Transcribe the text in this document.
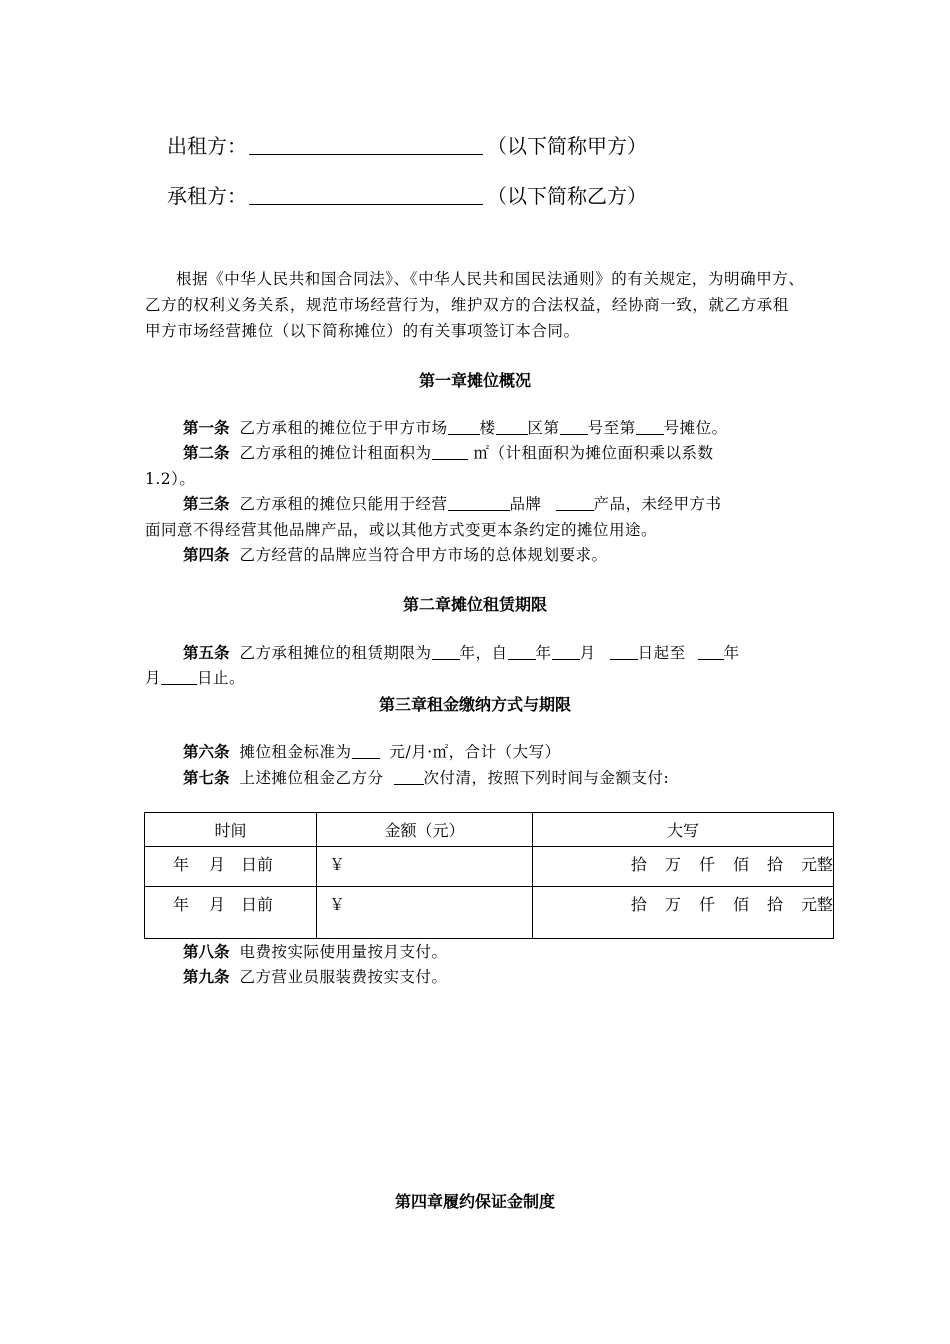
出租方：	（以下简称甲方）
承租方：	（以下简称乙方）
根据《中华人民共和国合同法》、《中华人民共和国民法通则》的有关规定，为明确甲方、乙方的权利义务关系，规范市场经营行为，维护双方的合法权益，经协商一致，就乙方承租甲方市场经营摊位（以下简称摊位）的有关事项签订本合同。
第一章摊位概况
第一条 乙方承租的摊位位于甲方市场 楼 区第 号至第 号摊位。
第二条 乙方承租的摊位计租面积为	㎡（计租面积为摊位面积乘以系数
1.2）。
第三条 乙方承租的摊位只能用于经营	品牌	产品，未经甲方书
面同意不得经营其他品牌产品，或以其他方式变更本条约定的摊位用途。
第四条 乙方经营的品牌应当符合甲方市场的总体规划要求。
第二章摊位租赁期限
第五条 乙方承租摊位的租赁期限为 年，自 年 月	日起至 年
月 日止。
第三章租金缴纳方式与期限
第六条 摊位租金标准为 元/月·㎡，合计（大写）
第七条 上述摊位租金乙方分	次付清，按照下列时间与金额支付:
时间	金额（元）	大写
年 月 日前	￥	拾 万 仟 佰 拾 元整
年 月 日前	￥	拾 万 仟 佰 拾 元整
第八条 电费按实际使用量按月支付。
第九条 乙方营业员服装费按实支付。
第四章履约保证金制度
